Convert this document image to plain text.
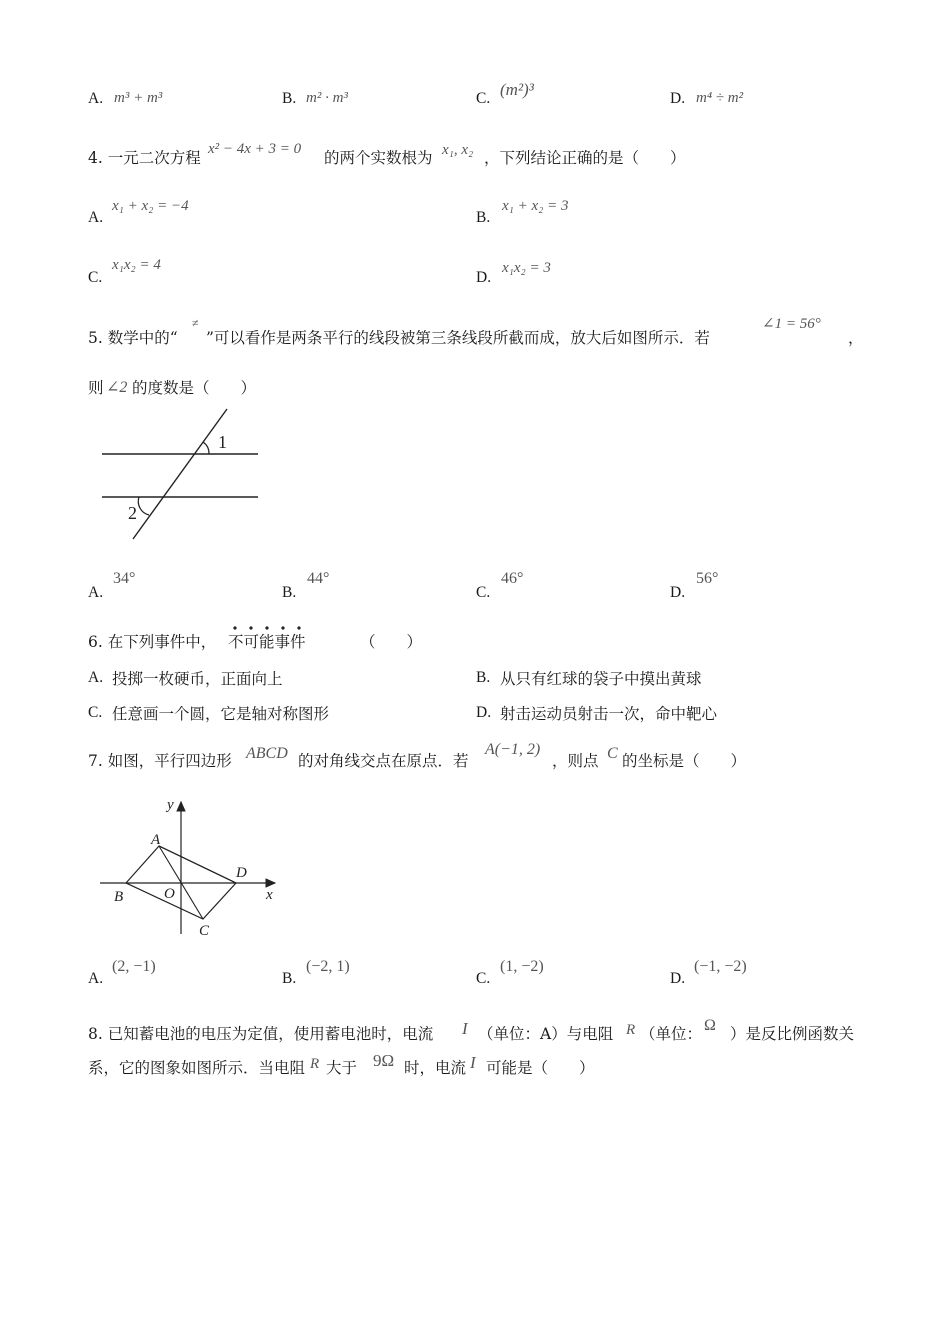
A. m³ + m³	B. m² · m³	C. (m²)³	D. m⁴ ÷ m²
4. 一元二次方程 x² − 4x + 3 = 0 的两个实数根为 x₁, x₂ ，下列结论正确的是（　　）
A.
x₁ + x₂ = −4
B.
x₁ + x₂ = 3
C.
x₁x₂ = 4
D.
x₁x₂ = 3
5. 数学中的“
≠
”可以看作是两条平行的线段被第三条线段所截而成，放大后如图所示．若
∠1 = 56°
，
则 ∠2 的度数是（　　）
1
2
A.
34°
B.
44°
C.
46°
D.
56°
6. 在下列事件中， 不可能事件	（　　）
A. 投掷一枚硬币，正面向上	B. 从只有红球的袋子中摸出黄球
C. 任意画一个圆，它是轴对称图形	D. 射击运动员射击一次，命中靶心
7. 如图，平行四边形 ABCD 的对角线交点在原点．若
A(−1, 2)
，则点 C 的坐标是（　　）
y
x
A
B
C
D
O
A.
(2, −1)
B.
(−2, 1)
C.
(1, −2)
D.
(−1, −2)
8. 已知蓄电池的电压为定值，使用蓄电池时，电流 I （单位：A）与电阻 R （单位： Ω ）是反比例函数关
系，它的图象如图所示．当电阻 R 大于 9Ω 时，电流 I 可能是（　　）
